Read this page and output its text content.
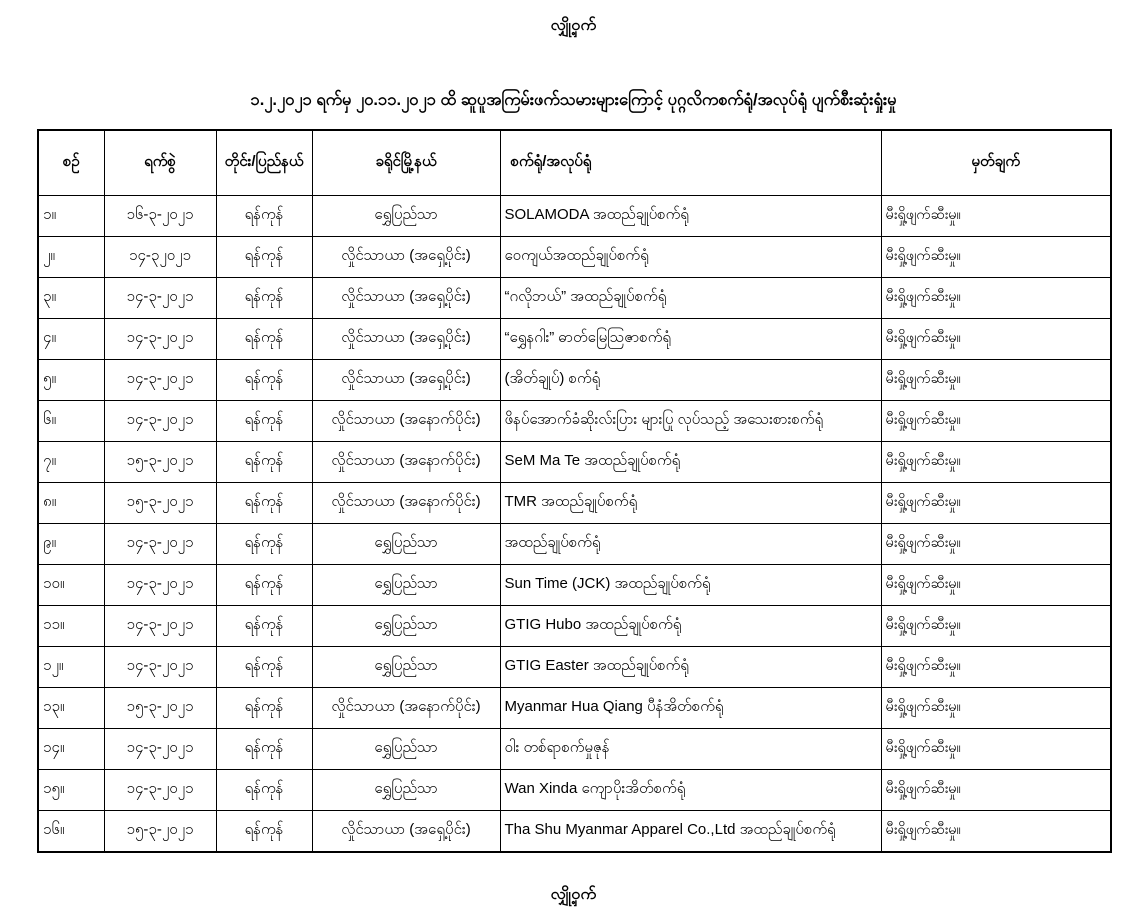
လျှို့ဝှက်
၁.၂.၂၀၂၁ ရက်မှ ၂၀.၁၁.၂၀၂၁ ထိ ဆူပူအကြမ်းဖက်သမားများကြောင့် ပုဂ္ဂလိကစက်ရုံ/အလုပ်ရုံ ပျက်စီးဆုံးရှုံးမှု
စဉ်	ရက်စွဲ	တိုင်း/ပြည်နယ်	ခရိုင်မြို့နယ်	စက်ရုံ/အလုပ်ရုံ	မှတ်ချက်
၁။	၁၆-၃-၂၀၂၁	ရန်ကုန်	ရွှေပြည်သာ	SOLAMODA အထည်ချုပ်စက်ရုံ	မီးရှို့ဖျက်ဆီးမှု။
၂။	၁၄-၃၂၀၂၁	ရန်ကုန်	လှိုင်သာယာ (အရှေ့ပိုင်း)	ဝေကျယ်အထည်ချုပ်စက်ရုံ	မီးရှို့ဖျက်ဆီးမှု။
၃။	၁၄-၃-၂၀၂၁	ရန်ကုန်	လှိုင်သာယာ (အရှေ့ပိုင်း)	“ဂလိုဘယ်” အထည်ချုပ်စက်ရုံ	မီးရှို့ဖျက်ဆီးမှု။
၄။	၁၄-၃-၂၀၂၁	ရန်ကုန်	လှိုင်သာယာ (အရှေ့ပိုင်း)	“ရွှေနဂါး” ဓာတ်မြေဩဇာစက်ရုံ	မီးရှို့ဖျက်ဆီးမှု။
၅။	၁၄-၃-၂၀၂၁	ရန်ကုန်	လှိုင်သာယာ (အရှေ့ပိုင်း)	(အိတ်ချုပ်) စက်ရုံ	မီးရှို့ဖျက်ဆီးမှု။
၆။	၁၄-၃-၂၀၂၁	ရန်ကုန်	လှိုင်သာယာ (အနောက်ပိုင်း)	ဖိနပ်အောက်ခံဆိုးလ်းပြား များပြု လုပ်သည့် အသေးစားစက်ရုံ	မီးရှို့ဖျက်ဆီးမှု။
၇။	၁၅-၃-၂၀၂၁	ရန်ကုန်	လှိုင်သာယာ (အနောက်ပိုင်း)	SeM Ma Te အထည်ချုပ်စက်ရုံ	မီးရှို့ဖျက်ဆီးမှု။
၈။	၁၅-၃-၂၀၂၁	ရန်ကုန်	လှိုင်သာယာ (အနောက်ပိုင်း)	TMR အထည်ချုပ်စက်ရုံ	မီးရှို့ဖျက်ဆီးမှု။
၉။	၁၄-၃-၂၀၂၁	ရန်ကုန်	ရွှေပြည်သာ	အထည်ချုပ်စက်ရုံ	မီးရှို့ဖျက်ဆီးမှု။
၁၀။	၁၄-၃-၂၀၂၁	ရန်ကုန်	ရွှေပြည်သာ	Sun Time (JCK) အထည်ချုပ်စက်ရုံ	မီးရှို့ဖျက်ဆီးမှု။
၁၁။	၁၄-၃-၂၀၂၁	ရန်ကုန်	ရွှေပြည်သာ	GTIG Hubo အထည်ချုပ်စက်ရုံ	မီးရှို့ဖျက်ဆီးမှု။
၁၂။	၁၄-၃-၂၀၂၁	ရန်ကုန်	ရွှေပြည်သာ	GTIG Easter အထည်ချုပ်စက်ရုံ	မီးရှို့ဖျက်ဆီးမှု။
၁၃။	၁၅-၃-၂၀၂၁	ရန်ကုန်	လှိုင်သာယာ (အနောက်ပိုင်း)	Myanmar Hua Qiang ပီနံအိတ်စက်ရုံ	မီးရှို့ဖျက်ဆီးမှု။
၁၄။	၁၄-၃-၂၀၂၁	ရန်ကုန်	ရွှေပြည်သာ	ဝါး တစ်ရာစက်မှုဇုန်	မီးရှို့ဖျက်ဆီးမှု။
၁၅။	၁၄-၃-၂၀၂၁	ရန်ကုန်	ရွှေပြည်သာ	Wan Xinda ကျောပိုးအိတ်စက်ရုံ	မီးရှို့ဖျက်ဆီးမှု။
၁၆။	၁၅-၃-၂၀၂၁	ရန်ကုန်	လှိုင်သာယာ (အရှေ့ပိုင်း)	Tha Shu Myanmar Apparel Co.,Ltd အထည်ချုပ်စက်ရုံ	မီးရှို့ဖျက်ဆီးမှု။
လျှို့ဝှက်
